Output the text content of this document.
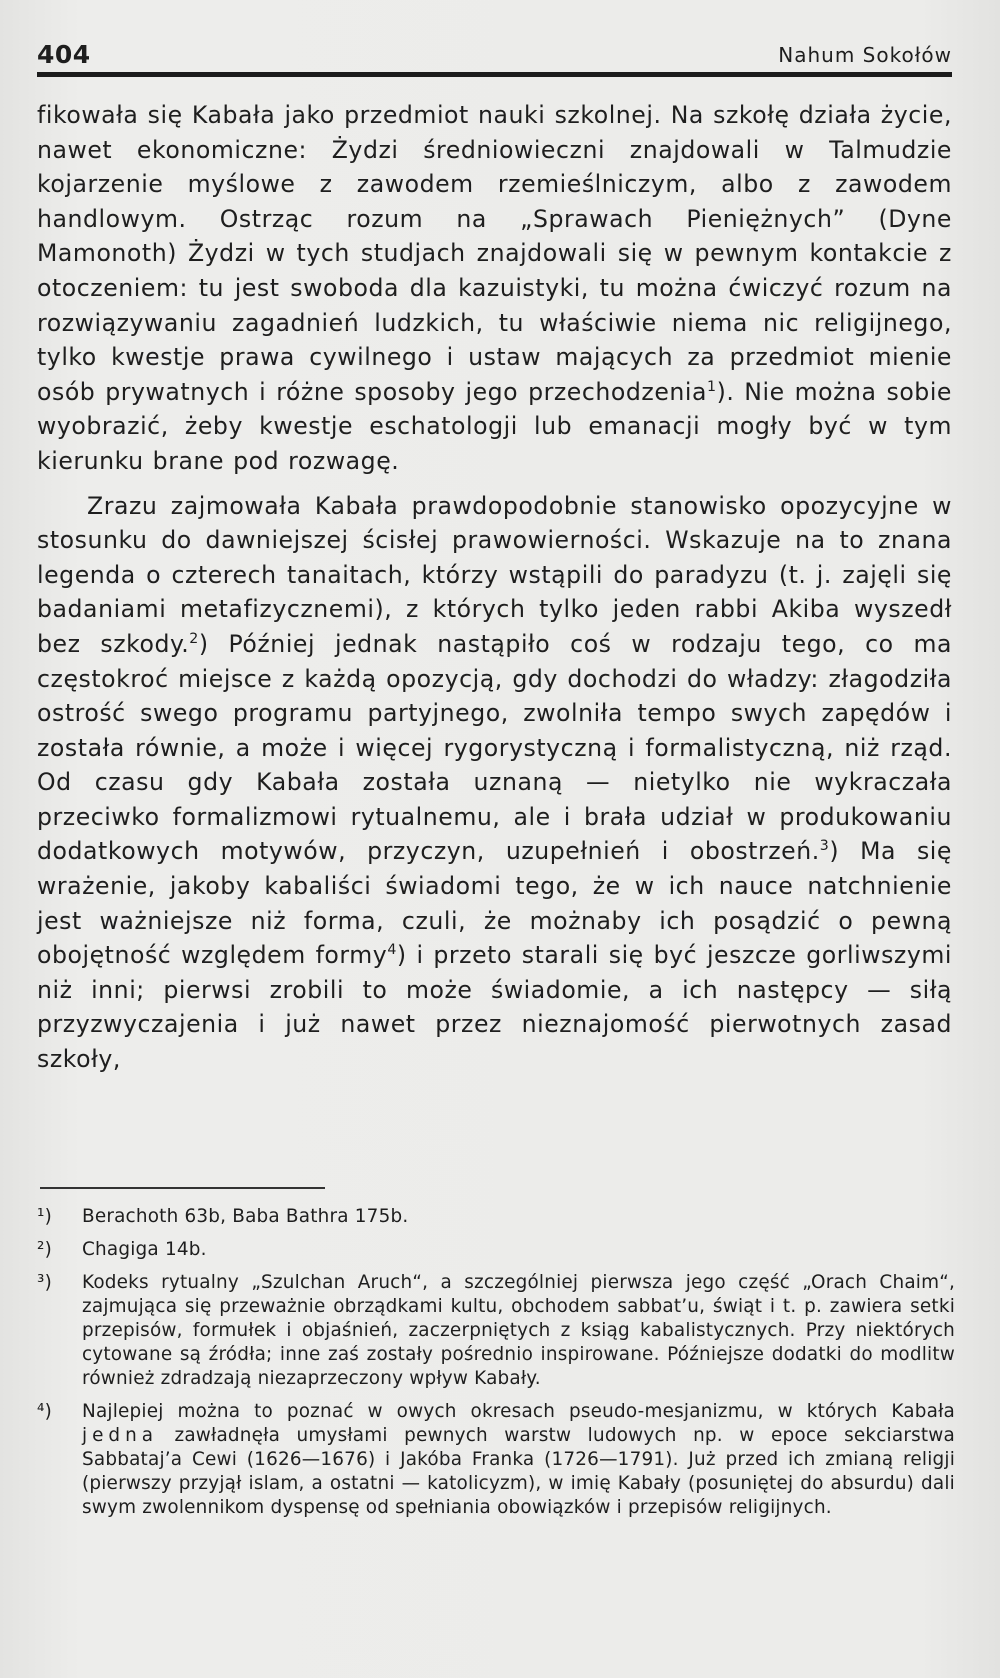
404	Nahum Sokołów

fikowała się Kabała jako przedmiot nauki szkolnej. Na szkołę działa życie, nawet ekonomiczne: Żydzi średniowieczni znajdowali w Talmudzie kojarzenie myślowe z zawodem rzemieślniczym, albo z zawodem handlowym. Ostrząc rozum na „Sprawach Pieniężnych” (Dyne Mamonoth) Żydzi w tych studjach znajdowali się w pewnym kontakcie z otoczeniem: tu jest swoboda dla kazuistyki, tu można ćwiczyć rozum na rozwiązywaniu zagadnień ludzkich, tu właściwie niema nic religijnego, tylko kwestje prawa cywilnego i ustaw mających za przedmiot mienie osób prywatnych i różne sposoby jego przechodzenia$^1$). Nie można sobie wyobrazić, żeby kwestje eschatologji lub emanacji mogły być w tym kierunku brane pod rozwagę.

Zrazu zajmowała Kabała prawdopodobnie stanowisko opozycyjne w stosunku do dawniejszej ścisłej prawowierności. Wskazuje na to znana legenda o czterech tanaitach, którzy wstąpili do paradyzu (t. j. zajęli się badaniami metafizycznemi), z których tylko jeden rabbi Akiba wyszedł bez szkody.$^2$) Później jednak nastąpiło coś w rodzaju tego, co ma częstokroć miejsce z każdą opozycją, gdy dochodzi do władzy: złagodziła ostrość swego programu partyjnego, zwolniła tempo swych zapędów i została równie, a może i więcej rygorystyczną i formalistyczną, niż rząd. Od czasu gdy Kabała została uznaną — nietylko nie wykraczała przeciwko formalizmowi rytualnemu, ale i brała udział w produkowaniu dodatkowych motywów, przyczyn, uzupełnień i obostrzeń.$^3$) Ma się wrażenie, jakoby kabaliści świadomi tego, że w ich nauce natchnienie jest ważniejsze niż forma, czuli, że możnaby ich posądzić o pewną obojętność względem formy$^4$) i przeto starali się być jeszcze gorliwszymi niż inni; pierwsi zrobili to może świadomie, a ich następcy — siłą przyzwyczajenia i już nawet przez nieznajomość pierwotnych zasad szkoły,

¹) Berachoth 63b, Baba Bathra 175b.
²) Chagiga 14b.
³) Kodeks rytualny „Szulchan Aruch“, a szczególniej pierwsza jego część „Orach Chaim“, zajmująca się przeważnie obrządkami kultu, obchodem sabbat’u, świąt i t. p. zawiera setki przepisów, formułek i objaśnień, zaczerpniętych z ksiąg kabalistycznych. Przy niektórych cytowane są źródła; inne zaś zostały pośrednio inspirowane. Późniejsze dodatki do modlitw również zdradzają niezaprzeczony wpływ Kabały.
⁴) Najlepiej można to poznać w owych okresach pseudo-mesjanizmu, w których Kabała jedna zawładnęła umysłami pewnych warstw ludowych np. w epoce sekciarstwa Sabbataj’a Cewi (1626—1676) i Jakóba Franka (1726—1791). Już przed ich zmianą religji (pierwszy przyjął islam, a ostatni — katolicyzm), w imię Kabały (posuniętej do absurdu) dali swym zwolennikom dyspensę od spełniania obowiązków i przepisów religijnych.
